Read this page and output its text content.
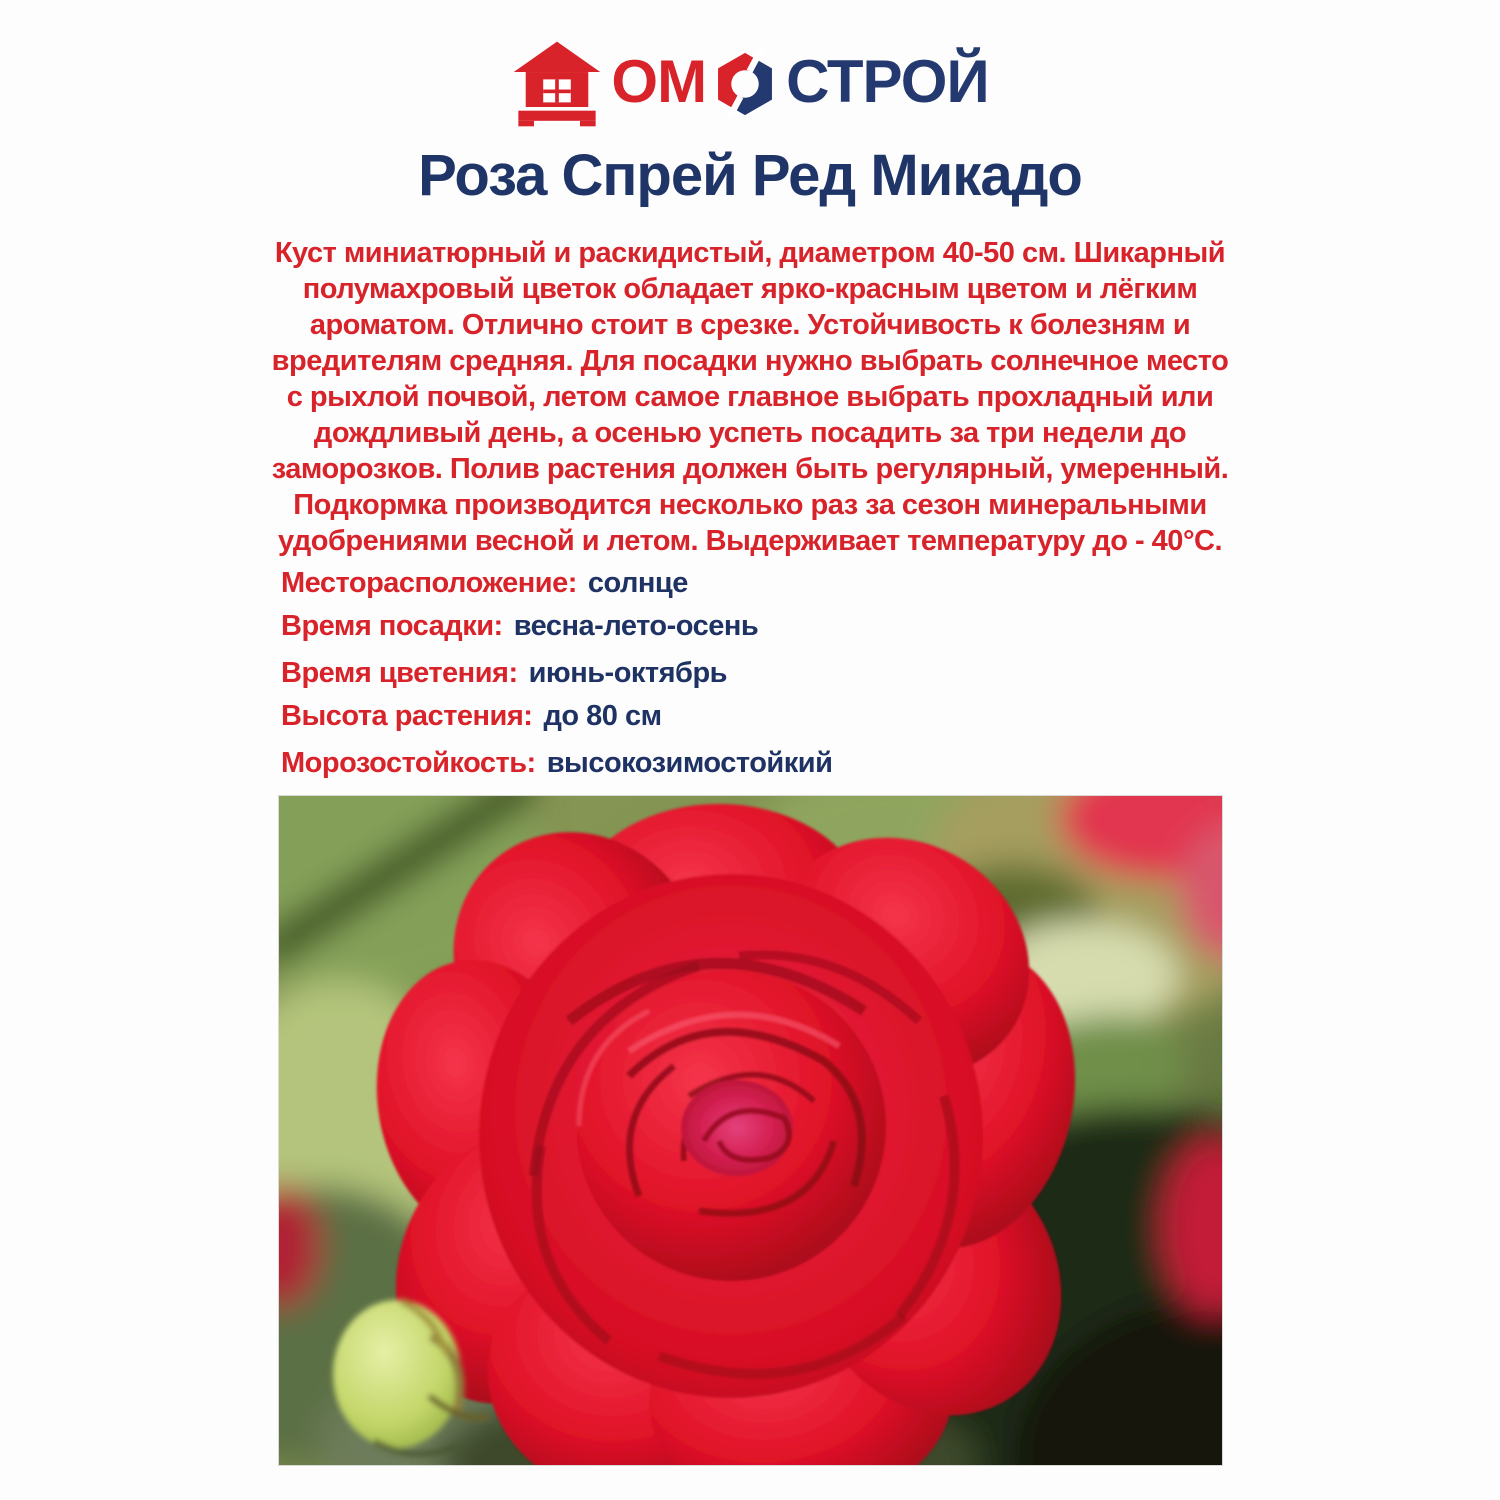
ОМ СТРОЙ
Роза Спрей Ред Микадо
Куст миниатюрный и раскидистый, диаметром 40-50 см. Шикарный
полумахровый цветок обладает ярко-красным цветом и лёгким
ароматом. Отлично стоит в срезке. Устойчивость к болезням и
вредителям средняя. Для посадки нужно выбрать солнечное место
с рыхлой почвой, летом самое главное выбрать прохладный или
дождливый день, а осенью успеть посадить за три недели до
заморозков. Полив растения должен быть регулярный, умеренный.
Подкормка производится несколько раз за сезон минеральными
удобрениями весной и летом. Выдерживает температуру до - 40°С.
Месторасположение: солнце
Время посадки: весна-лето-осень
Время цветения: июнь-октябрь
Высота растения: до 80 см
Морозостойкость: высокозимостойкий
